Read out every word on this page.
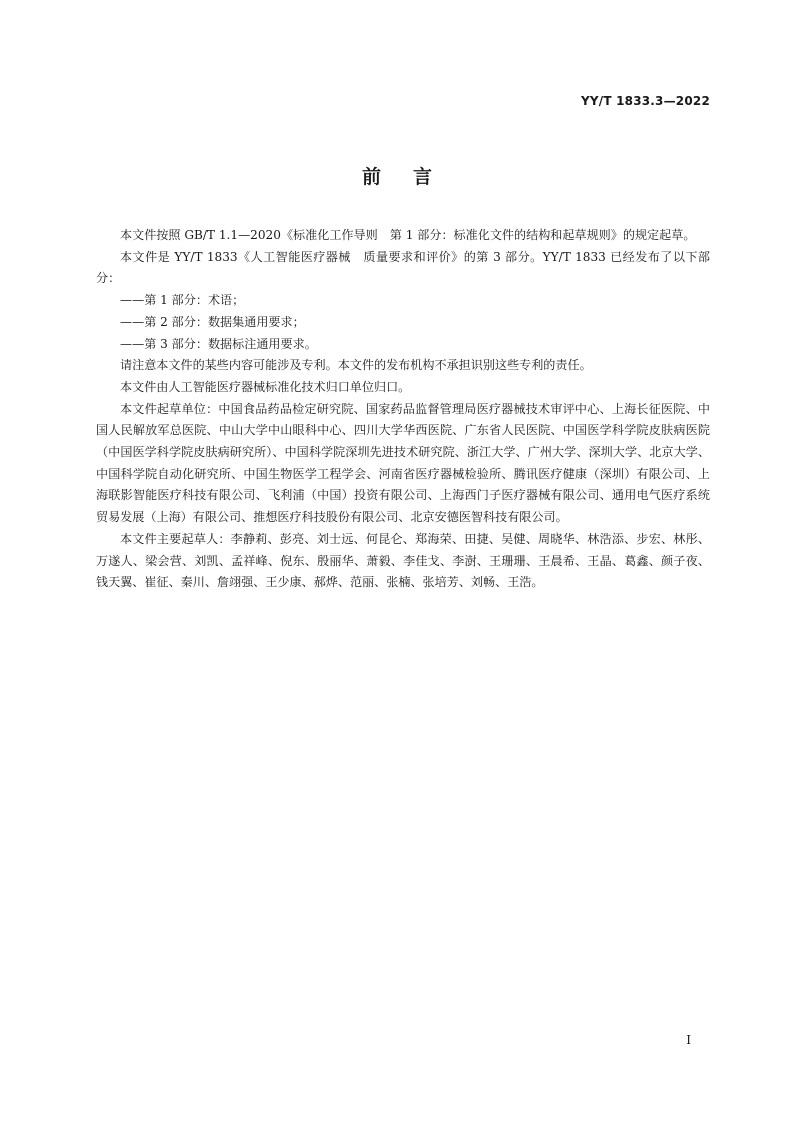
YY/T 1833.3—2022
前言

本文件按照 GB/T 1.1—2020《标准化工作导则　第 1 部分：标准化文件的结构和起草规则》的规定起草。

本文件是 YY/T 1833《人工智能医疗器械　质量要求和评价》的第 3 部分。YY/T 1833 已经发布了以下部分：

——第 1 部分：术语；

——第 2 部分：数据集通用要求；

——第 3 部分：数据标注通用要求。

请注意本文件的某些内容可能涉及专利。本文件的发布机构不承担识别这些专利的责任。

本文件由人工智能医疗器械标准化技术归口单位归口。

本文件起草单位：中国食品药品检定研究院、国家药品监督管理局医疗器械技术审评中心、上海长征医院、中国人民解放军总医院、中山大学中山眼科中心、四川大学华西医院、广东省人民医院、中国医学科学院皮肤病医院（中国医学科学院皮肤病研究所）、中国科学院深圳先进技术研究院、浙江大学、广州大学、深圳大学、北京大学、中国科学院自动化研究所、中国生物医学工程学会、河南省医疗器械检验所、腾讯医疗健康（深圳）有限公司、上海联影智能医疗科技有限公司、飞利浦（中国）投资有限公司、上海西门子医疗器械有限公司、通用电气医疗系统贸易发展（上海）有限公司、推想医疗科技股份有限公司、北京安德医智科技有限公司。

本文件主要起草人：李静莉、彭亮、刘士远、何昆仑、郑海荣、田捷、吴健、周晓华、林浩添、步宏、林彤、万遂人、梁会营、刘凯、孟祥峰、倪东、殷丽华、萧毅、李佳戈、李澍、王珊珊、王晨希、王晶、葛鑫、颜子夜、钱天翼、崔征、秦川、詹翊强、王少康、郝烨、范丽、张楠、张培芳、刘畅、王浩。

I
